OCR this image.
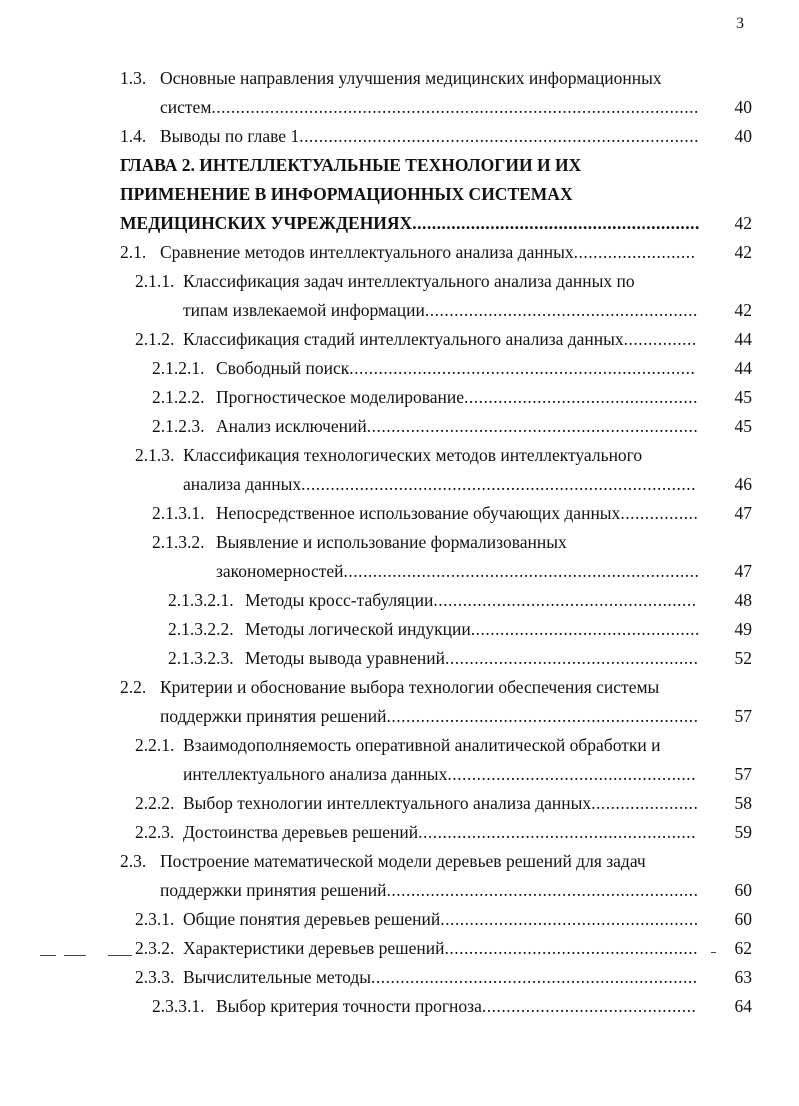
3
1.3. Основные направления улучшения медицинских информационных
систем ....................................................................................................	40
1.4. Выводы по главе 1 ..................................................................................	40
ГЛАВА 2. ИНТЕЛЛЕКТУАЛЬНЫЕ ТЕХНОЛОГИИ И ИХ
ПРИМЕНЕНИЕ В ИНФОРМАЦИОННЫХ СИСТЕМАХ
МЕДИЦИНСКИХ УЧРЕЖДЕНИЯХ ...........................................................	42
2.1. Сравнение методов интеллектуального анализа данных .........................	42
2.1.1. Классификация задач интеллектуального анализа данных по
типам извлекаемой информации ........................................................	42
2.1.2. Классификация стадий интеллектуального анализа данных ...............	44
2.1.2.1. Свободный поиск .......................................................................	44
2.1.2.2. Прогностическое моделирование ................................................	45
2.1.2.3. Анализ исключений ....................................................................	45
2.1.3. Классификация технологических методов интеллектуального
анализа данных .................................................................................	46
2.1.3.1. Непосредственное использование обучающих данных ................	47
2.1.3.2. Выявление и использование формализованных
закономерностей .........................................................................	47
2.1.3.2.1. Методы кросс-табуляции ......................................................	48
2.1.3.2.2. Методы логической индукции ...............................................	49
2.1.3.2.3. Методы вывода уравнений ....................................................	52
2.2. Критерии и обоснование выбора технологии обеспечения системы
поддержки принятия решений ................................................................	57
2.2.1. Взаимодополняемость оперативной аналитической обработки и
интеллектуального анализа данных ...................................................	57
2.2.2. Выбор технологии интеллектуального анализа данных ......................	58
2.2.3. Достоинства деревьев решений .........................................................	59
2.3. Построение математической модели деревьев решений для задач
поддержки принятия решений ................................................................	60
2.3.1. Общие понятия деревьев решений .....................................................	60
2.3.2. Характеристики деревьев решений ....................................................	62
2.3.3. Вычислительные методы ...................................................................	63
2.3.3.1. Выбор критерия точности прогноза ............................................	64
